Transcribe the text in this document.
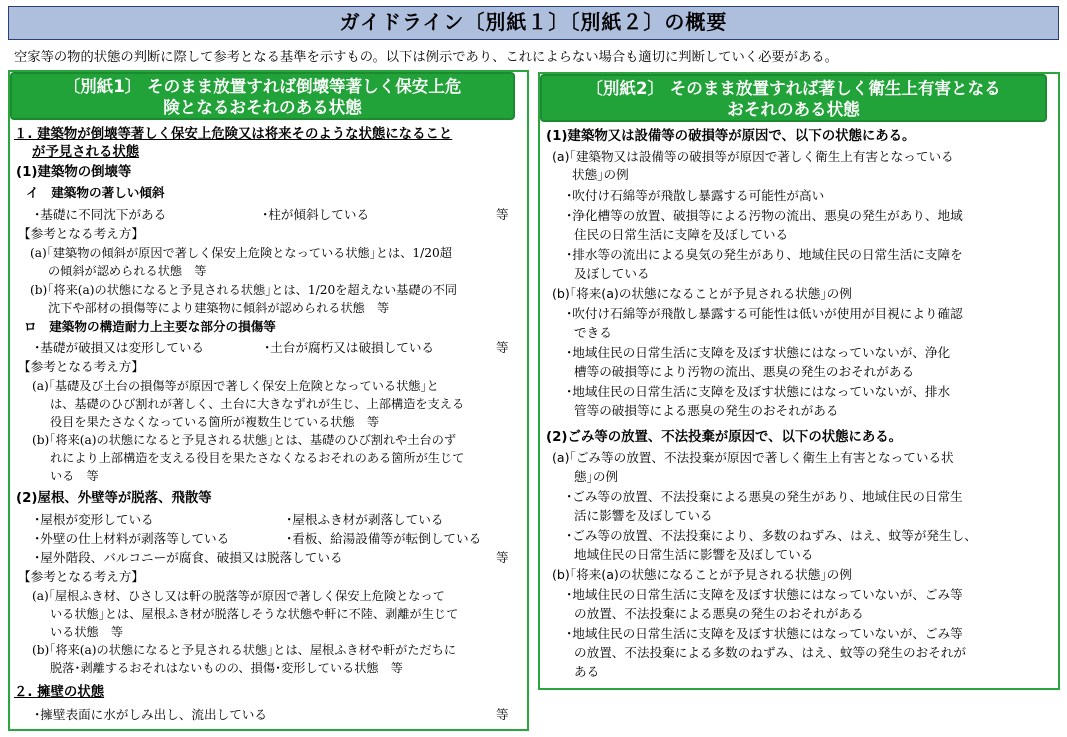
ガイドライン〔別紙１〕〔別紙２〕の概要
空家等の物的状態の判断に際して参考となる基準を示すもの。以下は例示であり、これによらない場合も適切に判断していく必要がある。
〔別紙1〕 そのまま放置すれば倒壊等著しく保安上危
険となるおそれのある状態
１. 建築物が倒壊等著しく保安上危険又は将来そのような状態になること
が予見される状態
(1)建築物の倒壊等
イ　建築物の著しい傾斜
･基礎に不同沈下がある	･柱が傾斜している	等
【参考となる考え方】
(a)｢建築物の傾斜が原因で著しく保安上危険となっている状態｣とは、1/20超
の傾斜が認められる状態　等
(b)｢将来(a)の状態になると予見される状態｣とは、1/20を超えない基礎の不同
沈下や部材の損傷等により建築物に傾斜が認められる状態　等
ロ　建築物の構造耐力上主要な部分の損傷等
･基礎が破損又は変形している	･土台が腐朽又は破損している	等
【参考となる考え方】
(a)｢基礎及び土台の損傷等が原因で著しく保安上危険となっている状態｣と
は、基礎のひび割れが著しく、土台に大きなずれが生じ、上部構造を支える
役目を果たさなくなっている箇所が複数生じている状態　等
(b)｢将来(a)の状態になると予見される状態｣とは、基礎のひび割れや土台のず
れにより上部構造を支える役目を果たさなくなるおそれのある箇所が生じて
いる　等
(2)屋根、外壁等が脱落、飛散等
･屋根が変形している	･屋根ふき材が剥落している
･外壁の仕上材料が剥落等している	･看板、給湯設備等が転倒している
･屋外階段、バルコニーが腐食、破損又は脱落している	等
【参考となる考え方】
(a)｢屋根ふき材、ひさし又は軒の脱落等が原因で著しく保安上危険となって
いる状態｣とは、屋根ふき材が脱落しそうな状態や軒に不陸、剥離が生じて
いる状態　等
(b)｢将来(a)の状態になると予見される状態｣とは、屋根ふき材や軒がただちに
脱落･剥離するおそれはないものの、損傷･変形している状態　等
２. 擁壁の状態
･擁壁表面に水がしみ出し、流出している	等
〔別紙2〕 そのまま放置すれば著しく衛生上有害となる
おそれのある状態
(1)建築物又は設備等の破損等が原因で、以下の状態にある。
(a)｢建築物又は設備等の破損等が原因で著しく衛生上有害となっている
状態｣の例
･吹付け石綿等が飛散し暴露する可能性が高い
･浄化槽等の放置、破損等による汚物の流出、悪臭の発生があり、地域
住民の日常生活に支障を及ぼしている
･排水等の流出による臭気の発生があり、地域住民の日常生活に支障を
及ぼしている
(b)｢将来(a)の状態になることが予見される状態｣の例
･吹付け石綿等が飛散し暴露する可能性は低いが使用が目視により確認
できる
･地域住民の日常生活に支障を及ぼす状態にはなっていないが、浄化
槽等の破損等により汚物の流出、悪臭の発生のおそれがある
･地域住民の日常生活に支障を及ぼす状態にはなっていないが、排水
管等の破損等による悪臭の発生のおそれがある
(2)ごみ等の放置、不法投棄が原因で、以下の状態にある。
(a)｢ごみ等の放置、不法投棄が原因で著しく衛生上有害となっている状
態｣の例
･ごみ等の放置、不法投棄による悪臭の発生があり、地域住民の日常生
活に影響を及ぼしている
･ごみ等の放置、不法投棄により、多数のねずみ、はえ、蚊等が発生し、
地域住民の日常生活に影響を及ぼしている
(b)｢将来(a)の状態になることが予見される状態｣の例
･地域住民の日常生活に支障を及ぼす状態にはなっていないが、ごみ等
の放置、不法投棄による悪臭の発生のおそれがある
･地域住民の日常生活に支障を及ぼす状態にはなっていないが、ごみ等
の放置、不法投棄による多数のねずみ、はえ、蚊等の発生のおそれが
ある
